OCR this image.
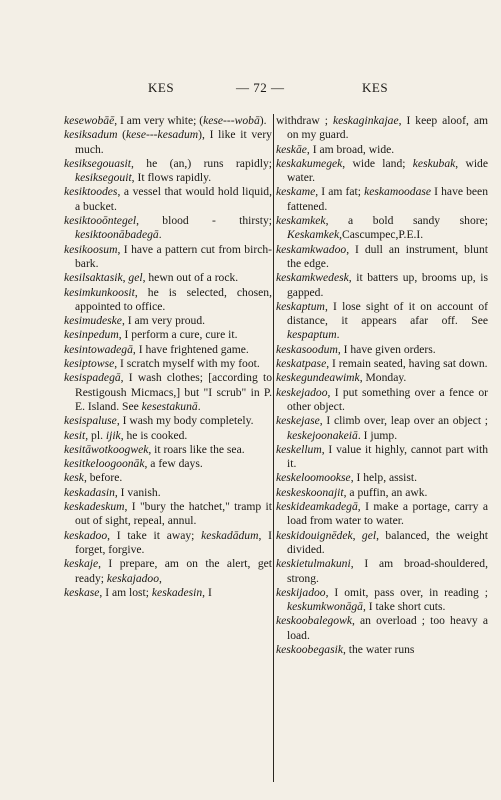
KES	— 72 —	KES

kesewobāē, I am very white; (kese---wobā).

kesiksadum (kese---kesadum), I like it very much.

kesiksegouasit, he (an,) runs rapidly; kesiksegouit, It flows rapidly.

kesiktoodes, a vessel that would hold liquid, a bucket.

kesiktooōntegel, blood - thirsty; kesiktoonābadegā.

kesikoosum, I have a pattern cut from birch-bark.

kesilsaktasik, gel, hewn out of a rock.

kesimkunkoosit, he is selected, chosen, appointed to office.

kesimudeske, I am very proud.

kesinpedum, I perform a cure, cure it.

kesintowadegā, I have frightened game.

kesiptowse, I scratch myself with my foot.

kesispadegā, I wash clothes; [according to Restigoush Micmacs,] but "I scrub" in P. E. Island. See kesestakunā.

kesispaluse, I wash my body completely.

kesit, pl. ijik, he is cooked.

kesitāwotkoogwek, it roars like the sea.

kesitkeloogoonāk, a few days.

kesk, before.

keskadasin, I vanish.

keskadeskum, I "bury the hatchet," tramp it out of sight, repeal, annul.

keskadoo, I take it away; keskadādum, I forget, forgive.

keskaje, I prepare, am on the alert, get ready; keskajadoo,

keskase, I am lost; keskadesin, I

withdraw ; keskaginkajae, I keep aloof, am on my guard.

keskāe, I am broad, wide.

keskakumegek, wide land; keskubak, wide water.

keskame, I am fat; keskamoodase I have been fattened.

keskamkek, a bold sandy shore; Keskamkek,Cascumpec,P.E.I.

keskamkwadoo, I dull an instrument, blunt the edge.

keskamkwedesk, it batters up, brooms up, is gapped.

keskaptum, I lose sight of it on account of distance, it appears afar off. See kespaptum.

keskasoodum, I have given orders.

keskatpase, I remain seated, having sat down.

keskegundeawimk, Monday.

keskejadoo, I put something over a fence or other object.

keskejase, I climb over, leap over an object ; keskejoonakeiā. I jump.

keskellum, I value it highly, cannot part with it.

keskeloomookse, I help, assist.

keskeskoonajit, a puffin, an awk.

keskideamkadegā, I make a portage, carry a load from water to water.

keskidouignēdek, gel, balanced, the weight divided.

keskietulmakuni, I am broad-shouldered, strong.

keskijadoo, I omit, pass over, in reading ; keskumkwonāgā, I take short cuts.

keskoobalegowk, an overload ; too heavy a load.

keskoobegasik, the water runs
